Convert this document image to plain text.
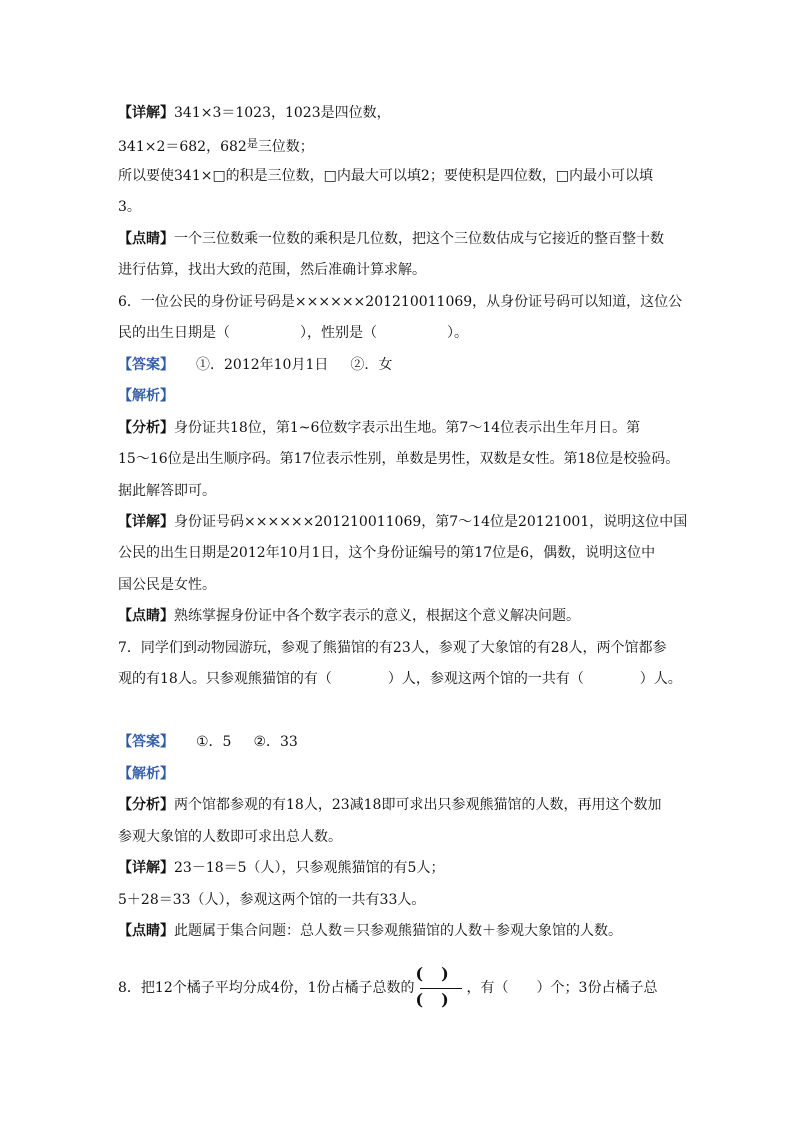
【详解】341×3＝1023，1023是四位数，
341×2＝682，$682^是$三位数；
所以要使341×□的积是三位数，□内最大可以填2；要使积是四位数，□内最小可以填
3。
【点睛】一个三位数乘一位数的乘积是几位数，把这个三位数估成与它接近的整百整十数
进行估算，找出大致的范围，然后准确计算求解。
6．一位公民的身份证号码是××××××201210011069，从身份证号码可以知道，这位公
民的出生日期是（　　　　　），性别是（　　　　　）。
【答案】 ①．2012年10月1日 ②．女
【解析】
【分析】身份证共18位，第1~6位数字表示出生地。第7～14位表示出生年月日。第
15～16位是出生顺序码。第17位表示性别，单数是男性，双数是女性。第18位是校验码。
据此解答即可。
【详解】身份证号码××××××201210011069，第7～14位是20121001，说明这位中国
公民的出生日期是2012年10月1日，这个身份证编号的第17位是6，偶数，说明这位中
国公民是女性。
【点睛】熟练掌握身份证中各个数字表示的意义，根据这个意义解决问题。
7．同学们到动物园游玩，参观了熊猫馆的有23人，参观了大象馆的有28人，两个馆都参
观的有18人。只参观熊猫馆的有（　　　　）人，参观这两个馆的一共有（　　　　）人。
【答案】 ①．5 ②．33
【解析】
【分析】两个馆都参观的有18人，23减18即可求出只参观熊猫馆的人数，再用这个数加
参观大象馆的人数即可求出总人数。
【详解】23－18＝5（人），只参观熊猫馆的有5人；
5＋28＝33（人），参观这两个馆的一共有33人。
【点睛】此题属于集合问题：总人数＝只参观熊猫馆的人数＋参观大象馆的人数。
8．把12个橘子平均分成4份，1份占橘子总数的 $\frac{()}{()}$ ，有（　　）个；3份占橘子总
